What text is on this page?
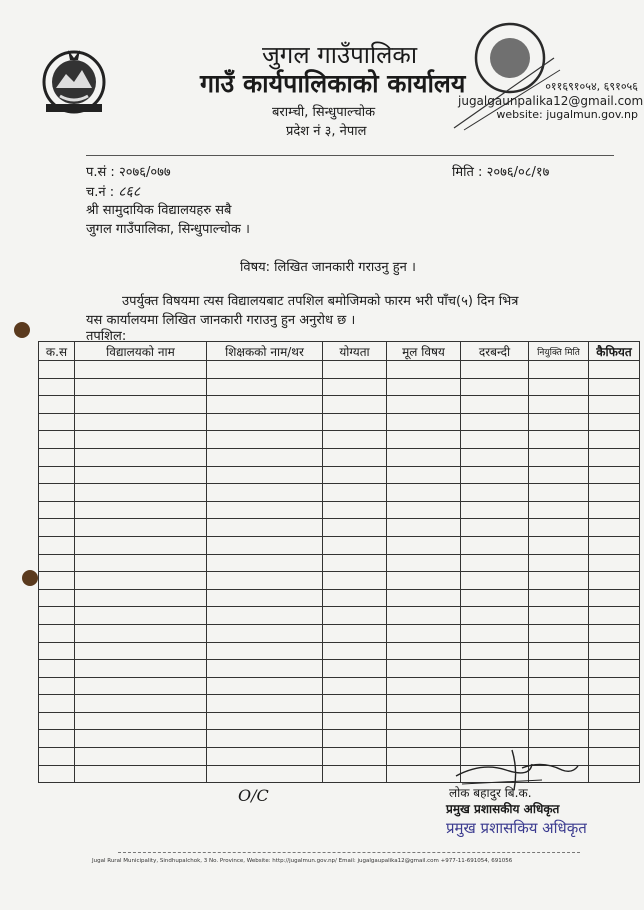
जुगल गाउँपालिका
गाउँ कार्यपालिकाको कार्यालय
बराम्ची, सिन्धुपाल्चोक
प्रदेश नं ३, नेपाल
०११६९१०५४, ६९१०५६
jugalgaunpalika12@gmail.com
website: jugalmun.gov.np
प.सं : २०७६/०७७	मिति : २०७६/०८/१७
च.नं : ८६८
श्री सामुदायिक विद्यालयहरु सबै
जुगल गाउँपालिका, सिन्धुपाल्चोक ।
विषय: लिखित जानकारी गराउनु हुन ।
उपर्युक्त विषयमा त्यस विद्यालयबाट तपशिल बमोजिमको फारम भरी पाँच(५) दिन भित्र
यस कार्यालयमा लिखित जानकारी गराउनु हुन अनुरोध छ ।
तपशिल:
क.स	विद्यालयको नाम	शिक्षकको नाम/थर	योग्यता	मूल विषय	दरबन्दी	नियुक्ति मिति	कैफियत

O/C	लोक बहादुर बि.क.
प्रमुख प्रशासकीय अधिकृत
प्रमुख प्रशासकिय अधिकृत
Jugal Rural Municipality, Sindhupalchok, 3 No. Province, Website: http://jugalmun.gov.np/ Email: jugalgaupalika12@gmail.com +977-11-691054, 691056
